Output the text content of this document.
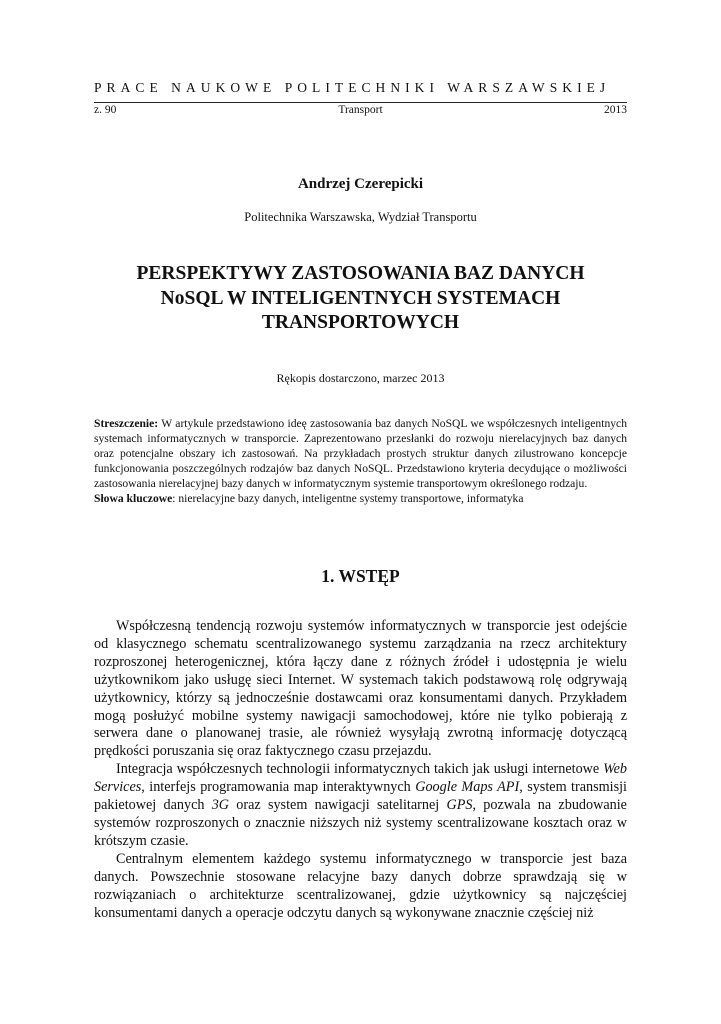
PRACE NAUKOWE POLITECHNIKI WARSZAWSKIEJ
z. 90	Transport	2013
Andrzej Czerepicki
Politechnika Warszawska, Wydział Transportu
PERSPEKTYWY ZASTOSOWANIA BAZ DANYCH
NoSQL W INTELIGENTNYCH SYSTEMACH
TRANSPORTOWYCH
Rękopis dostarczono, marzec 2013
Streszczenie: W artykule przedstawiono ideę zastosowania baz danych NoSQL we współczesnych inteligentnych systemach informatycznych w transporcie. Zaprezentowano przesłanki do rozwoju nierelacyjnych baz danych oraz potencjalne obszary ich zastosowań. Na przykładach prostych struktur danych zilustrowano koncepcje funkcjonowania poszczególnych rodzajów baz danych NoSQL. Przedstawiono kryteria decydujące o możliwości zastosowania nierelacyjnej bazy danych w informatycznym systemie transportowym określonego rodzaju.
Słowa kluczowe: nierelacyjne bazy danych, inteligentne systemy transportowe, informatyka
1. WSTĘP

Współczesną tendencją rozwoju systemów informatycznych w transporcie jest odejście od klasycznego schematu scentralizowanego systemu zarządzania na rzecz architektury rozproszonej heterogenicznej, która łączy dane z różnych źródeł i udostępnia je wielu użytkownikom jako usługę sieci Internet. W systemach takich podstawową rolę odgrywają użytkownicy, którzy są jednocześnie dostawcami oraz konsumentami danych. Przykładem mogą posłużyć mobilne systemy nawigacji samochodowej, które nie tylko pobierają z serwera dane o planowanej trasie, ale również wysyłają zwrotną informację dotyczącą prędkości poruszania się oraz faktycznego czasu przejazdu.

Integracja współczesnych technologii informatycznych takich jak usługi internetowe Web Services, interfejs programowania map interaktywnych Google Maps API, system transmisji pakietowej danych 3G oraz system nawigacji satelitarnej GPS, pozwala na zbudowanie systemów rozproszonych o znacznie niższych niż systemy scentralizowane kosztach oraz w krótszym czasie.

Centralnym elementem każdego systemu informatycznego w transporcie jest baza danych. Powszechnie stosowane relacyjne bazy danych dobrze sprawdzają się w rozwiązaniach o architekturze scentralizowanej, gdzie użytkownicy są najczęściej konsumentami danych a operacje odczytu danych są wykonywane znacznie częściej niż
